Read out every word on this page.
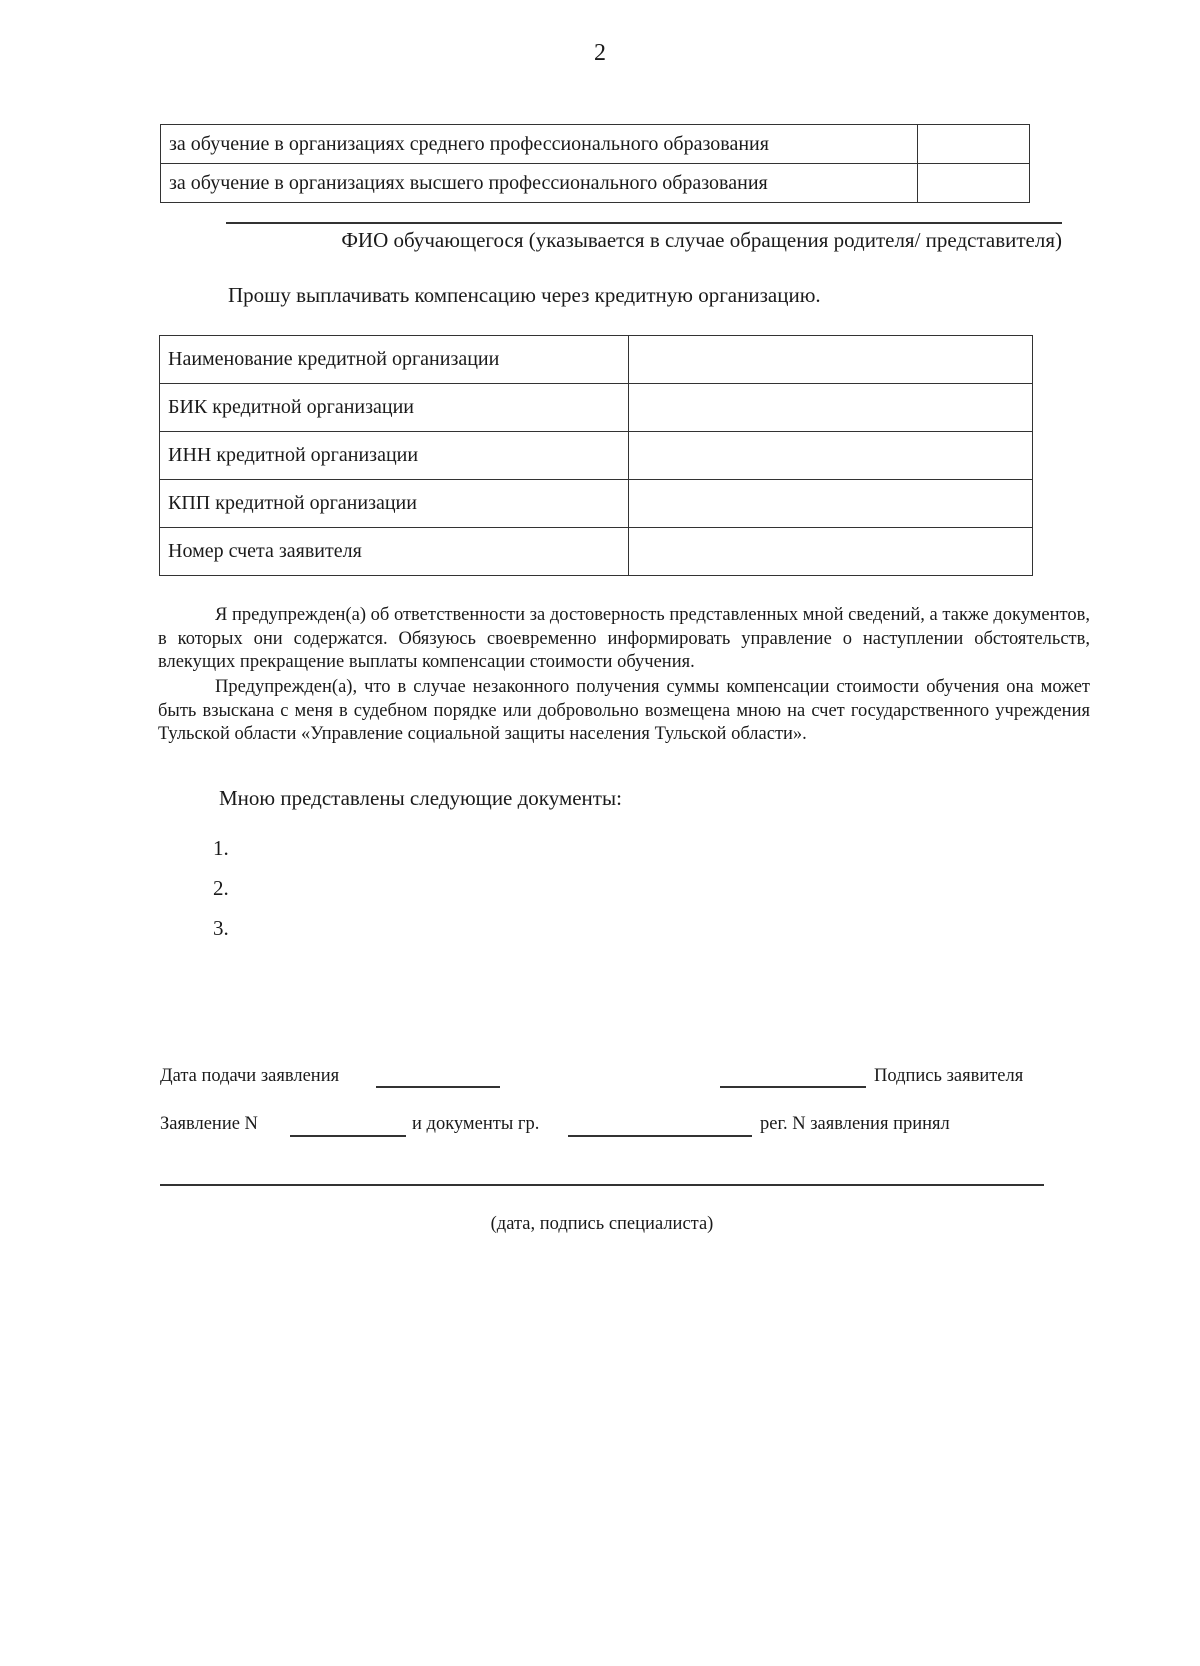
2
за обучение в организациях среднего профессионального образования	
за обучение в организациях высшего профессионального образования	
ФИО обучающегося (указывается в случае обращения родителя/ представителя)
Прошу выплачивать компенсацию через кредитную организацию.
Наименование кредитной организации	
БИК кредитной организации	
ИНН кредитной организации	
КПП кредитной организации	
Номер счета заявителя	
Я предупрежден(а) об ответственности за достоверность представленных мной сведений, а также документов, в которых они содержатся. Обязуюсь своевременно информировать управление о наступлении обстоятельств, влекущих прекращение выплаты компенсации стоимости обучения.
Предупрежден(а), что в случае незаконного получения суммы компенсации стоимости обучения она может быть взыскана с меня в судебном порядке или добровольно возмещена мною на счет государственного учреждения Тульской области «Управление социальной защиты населения Тульской области».
Мною представлены следующие документы:
1.
2.
3.
Дата подачи заявления	Подпись заявителя
Заявление N	и документы гр.	рег. N заявления принял
(дата, подпись специалиста)
